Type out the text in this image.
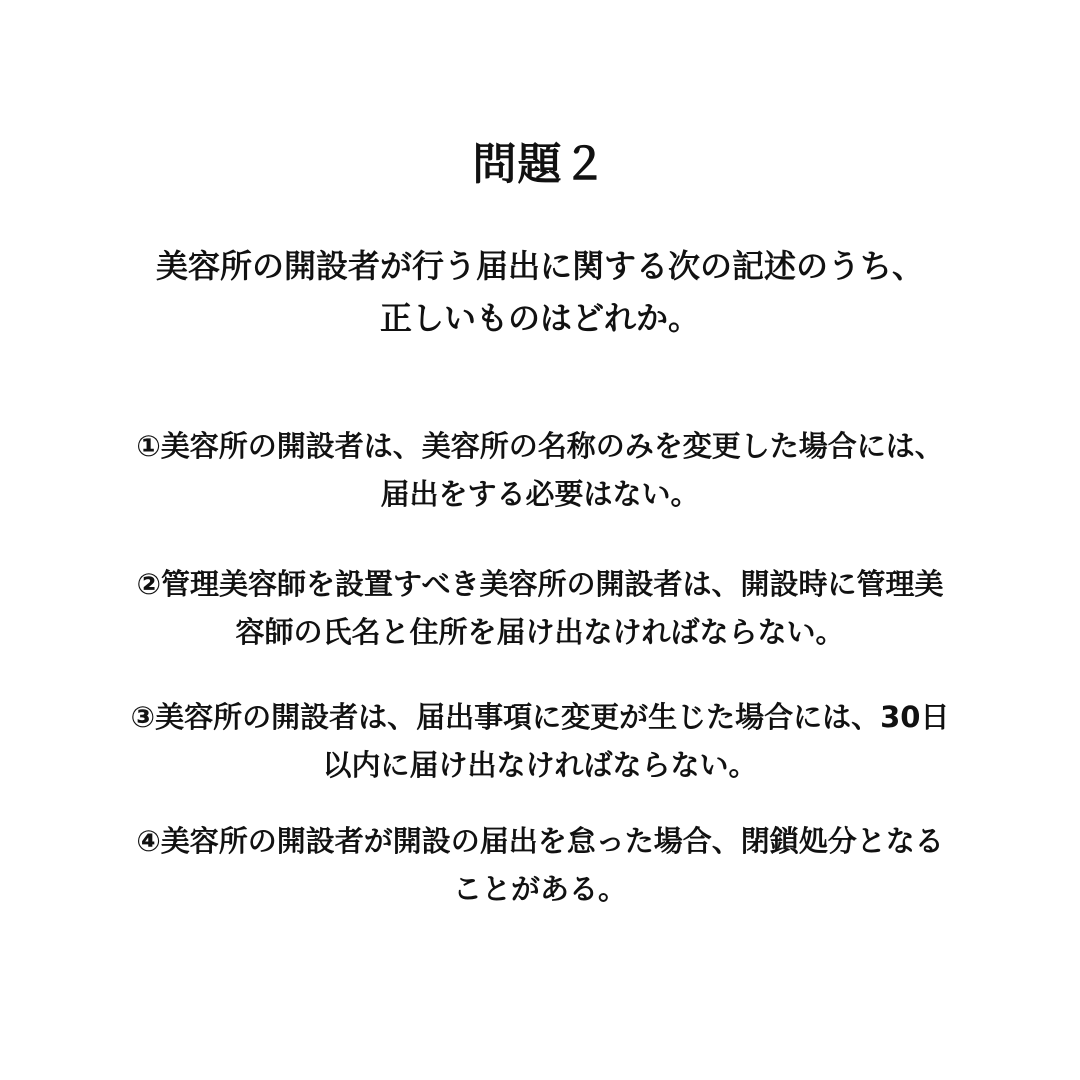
問題２
美容所の開設者が行う届出に関する次の記述のうち、
正しいものはどれか。
①美容所の開設者は、美容所の名称のみを変更した場合には、
届出をする必要はない。
②管理美容師を設置すべき美容所の開設者は、開設時に管理美
容師の氏名と住所を届け出なければならない。
③美容所の開設者は、届出事項に変更が生じた場合には、30日
以内に届け出なければならない。
④美容所の開設者が開設の届出を怠った場合、閉鎖処分となる
ことがある。
